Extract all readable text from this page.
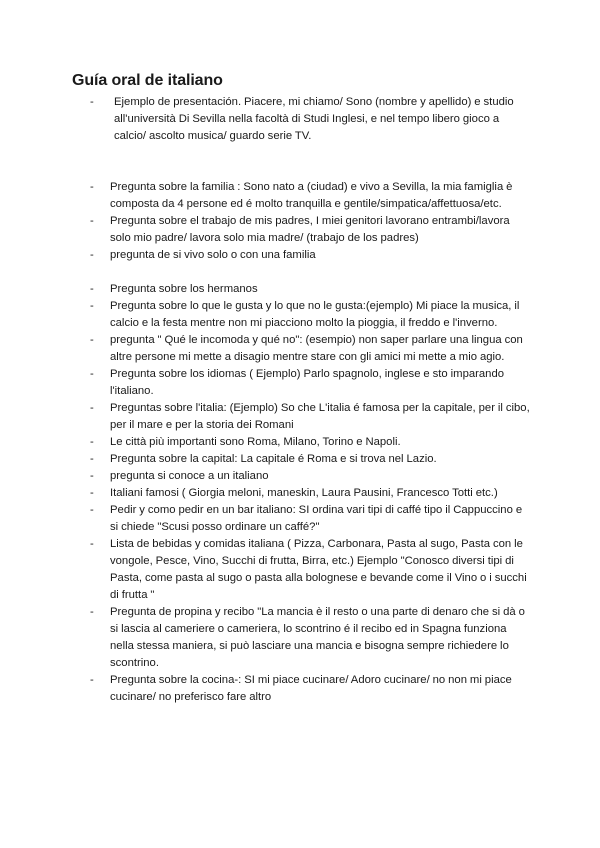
Guía oral de italiano
- Ejemplo de presentación. Piacere, mi chiamo/ Sono (nombre y apellido) e studio all'università Di Sevilla nella facoltà di Studi Inglesi, e nel tempo libero gioco a calcio/ ascolto musica/ guardo serie TV.
- Pregunta sobre la familia : Sono nato a (ciudad) e vivo a Sevilla, la mia famiglia è composta da 4 persone ed é molto tranquilla e gentile/simpatica/affettuosa/etc.
- Pregunta sobre el trabajo de mis padres, I miei genitori lavorano entrambi/lavora solo mio padre/ lavora solo mia madre/ (trabajo de los padres)
- pregunta de si vivo solo o con una familia
- Pregunta sobre los hermanos
- Pregunta sobre lo que le gusta y lo que no le gusta:(ejemplo) Mi piace la musica, il calcio e la festa mentre non mi piacciono molto la pioggia, il freddo e l'inverno.
- pregunta " Qué le incomoda y qué no": (esempio) non saper parlare una lingua con altre persone mi mette a disagio mentre stare con gli amici mi mette a mio agio.
- Pregunta sobre los idiomas ( Ejemplo) Parlo spagnolo, inglese e sto imparando l'italiano.
- Preguntas sobre l'italia: (Ejemplo) So che L'italia é famosa per la capitale, per il cibo, per il mare e per la storia dei Romani
- Le città più importanti sono Roma, Milano, Torino e Napoli.
- Pregunta sobre la capital: La capitale é Roma e si trova nel Lazio.
- pregunta si conoce a un italiano
- Italiani famosi ( Giorgia meloni, maneskin, Laura Pausini, Francesco Totti etc.)
- Pedir y como pedir en un bar italiano: SI ordina vari tipi di caffé tipo il Cappuccino e si chiede "Scusi posso ordinare un caffé?"
- Lista de bebidas y comidas italiana ( Pizza, Carbonara, Pasta al sugo, Pasta con le vongole, Pesce, Vino, Succhi di frutta, Birra, etc.) Ejemplo "Conosco diversi tipi di Pasta, come pasta al sugo o pasta alla bolognese e bevande come il Vino o i succhi di frutta "
- Pregunta de propina y recibo "La mancia è il resto o una parte di denaro che si dà o si lascia al cameriere o cameriera, lo scontrino é il recibo ed in Spagna funziona nella stessa maniera, si può lasciare una mancia e bisogna sempre richiedere lo scontrino.
- Pregunta sobre la cocina-: SI mi piace cucinare/ Adoro cucinare/ no non mi piace cucinare/ no preferisco fare altro
